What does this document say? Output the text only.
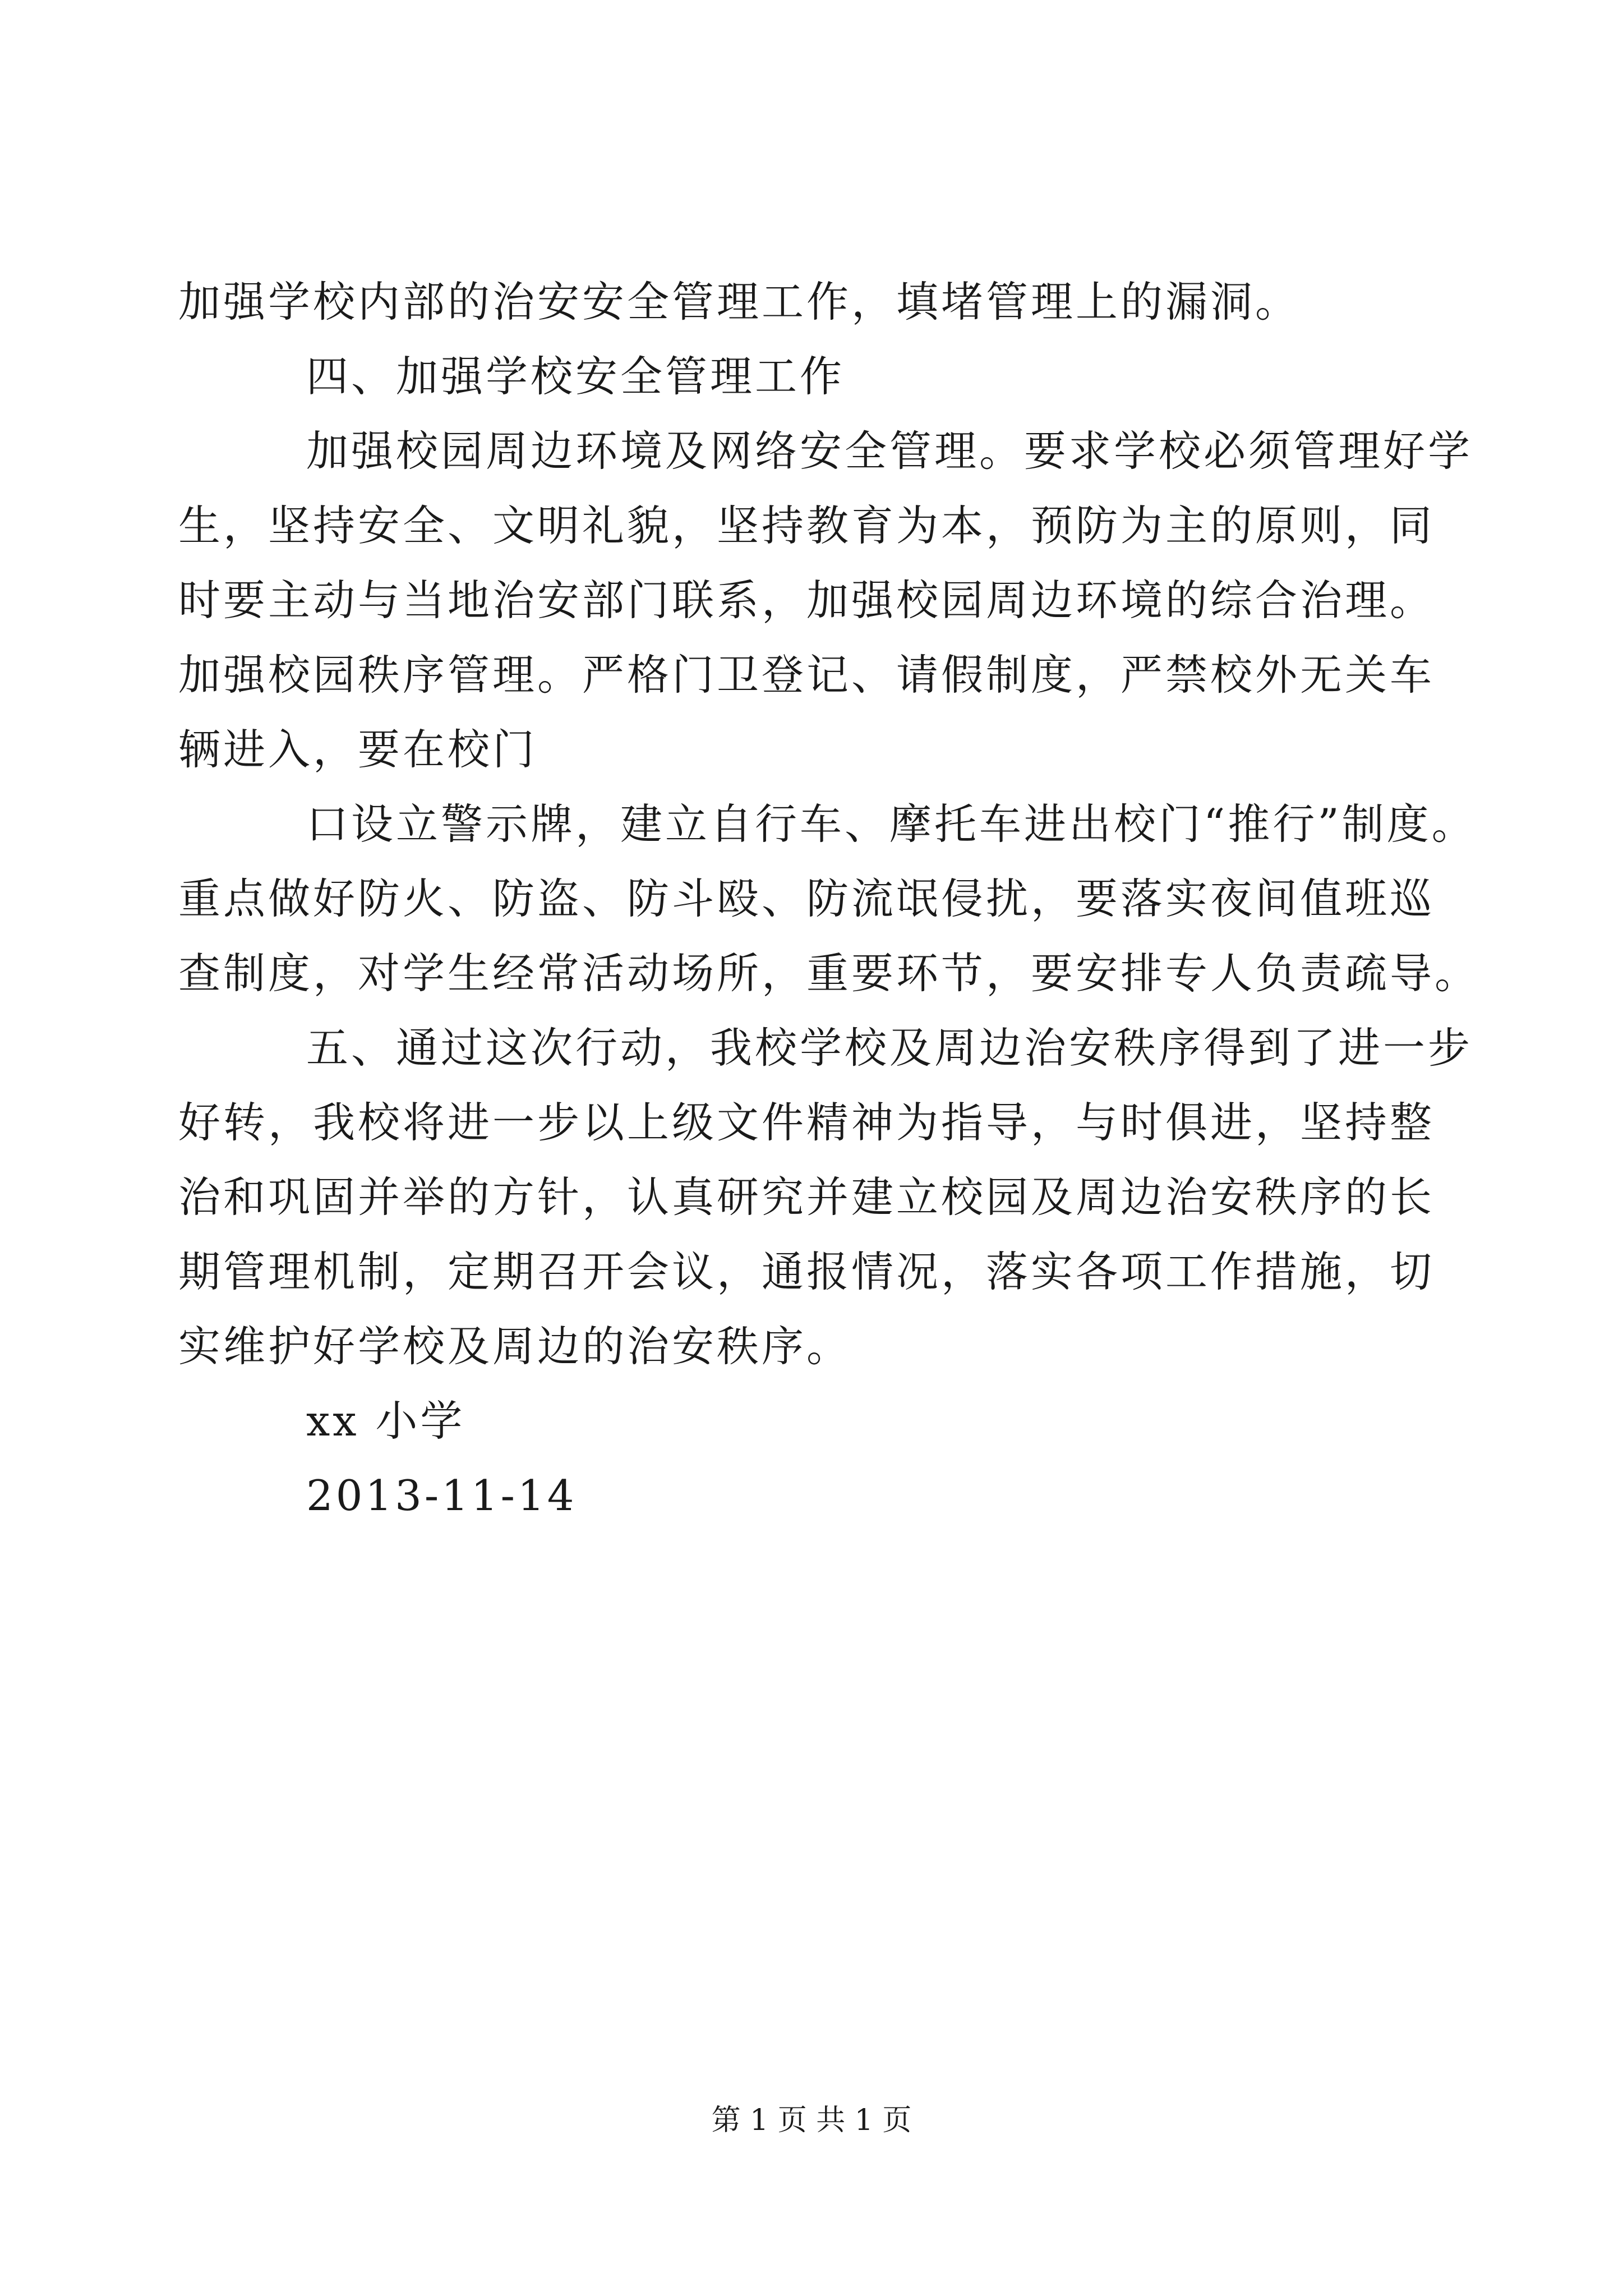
加强学校内部的治安安全管理工作，填堵管理上的漏洞。
四、加强学校安全管理工作
加强校园周边环境及网络安全管理。要求学校必须管理好学
生，坚持安全、文明礼貌，坚持教育为本，预防为主的原则，同
时要主动与当地治安部门联系，加强校园周边环境的综合治理。
加强校园秩序管理。严格门卫登记、请假制度，严禁校外无关车
辆进入，要在校门
口设立警示牌，建立自行车、摩托车进出校门“推行”制度。
重点做好防火、防盗、防斗殴、防流氓侵扰，要落实夜间值班巡
查制度，对学生经常活动场所，重要环节，要安排专人负责疏导。
五、通过这次行动，我校学校及周边治安秩序得到了进一步
好转，我校将进一步以上级文件精神为指导，与时俱进，坚持整
治和巩固并举的方针，认真研究并建立校园及周边治安秩序的长
期管理机制，定期召开会议，通报情况，落实各项工作措施，切
实维护好学校及周边的治安秩序。
xx 小学
2013-11-14
第 1 页 共 1 页
